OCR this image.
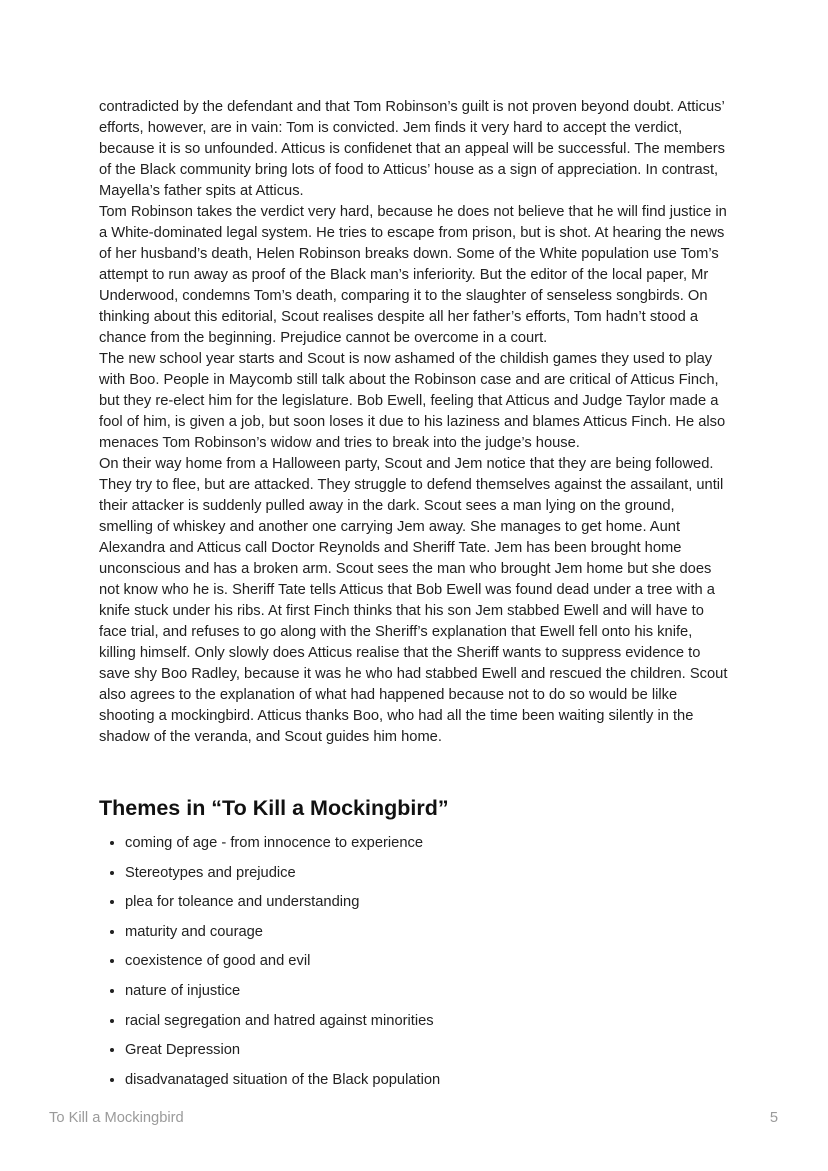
contradicted by the defendant and that Tom Robinson’s guilt is not proven beyond doubt. Atticus’ efforts, however, are in vain: Tom is convicted. Jem finds it very hard to accept the verdict, because it is so unfounded. Atticus is confidenet that an appeal will be successful. The members of the Black community bring lots of food to Atticus’ house as a sign of appreciation. In contrast, Mayella’s father spits at Atticus.

Tom Robinson takes the verdict very hard, because he does not believe that he will find justice in a White-dominated legal system. He tries to escape from prison, but is shot. At hearing the news of her husband’s death, Helen Robinson breaks down. Some of the White population use Tom’s attempt to run away as proof of the Black man’s inferiority. But the editor of the local paper, Mr Underwood, condemns Tom’s death, comparing it to the slaughter of senseless songbirds. On thinking about this editorial, Scout realises despite all her father’s efforts, Tom hadn’t stood a chance from the beginning. Prejudice cannot be overcome in a court.

The new school year starts and Scout is now ashamed of the childish games they used to play with Boo. People in Maycomb still talk about the Robinson case and are critical of Atticus Finch, but they re-elect him for the legislature. Bob Ewell, feeling that Atticus and Judge Taylor made a fool of him, is given a job, but soon loses it due to his laziness and blames Atticus Finch. He also menaces Tom Robinson’s widow and tries to break into the judge’s house.

On their way home from a Halloween party, Scout and Jem notice that they are being followed. They try to flee, but are attacked. They struggle to defend themselves against the assailant, until their attacker is suddenly pulled away in the dark. Scout sees a man lying on the ground, smelling of whiskey and another one carrying Jem away. She manages to get home. Aunt Alexandra and Atticus call Doctor Reynolds and Sheriff Tate. Jem has been brought home unconscious and has a broken arm. Scout sees the man who brought Jem home but she does not know who he is. Sheriff Tate tells Atticus that Bob Ewell was found dead under a tree with a knife stuck under his ribs. At first Finch thinks that his son Jem stabbed Ewell and will have to face trial, and refuses to go along with the Sheriff’s explanation that Ewell fell onto his knife, killing himself. Only slowly does Atticus realise that the Sheriff wants to suppress evidence to save shy Boo Radley, because it was he who had stabbed Ewell and rescued the children. Scout also agrees to the explanation of what had happened because not to do so would be lilke shooting a mockingbird. Atticus thanks Boo, who had all the time been waiting silently in the shadow of the veranda, and Scout guides him home.

Themes in “To Kill a Mockingbird”
• coming of age - from innocence to experience
• Stereotypes and prejudice
• plea for toleance and understanding
• maturity and courage
• coexistence of good and evil
• nature of injustice
• racial segregation and hatred against minorities
• Great Depression
• disadvanataged situation of the Black population
To Kill a Mockingbird	5
